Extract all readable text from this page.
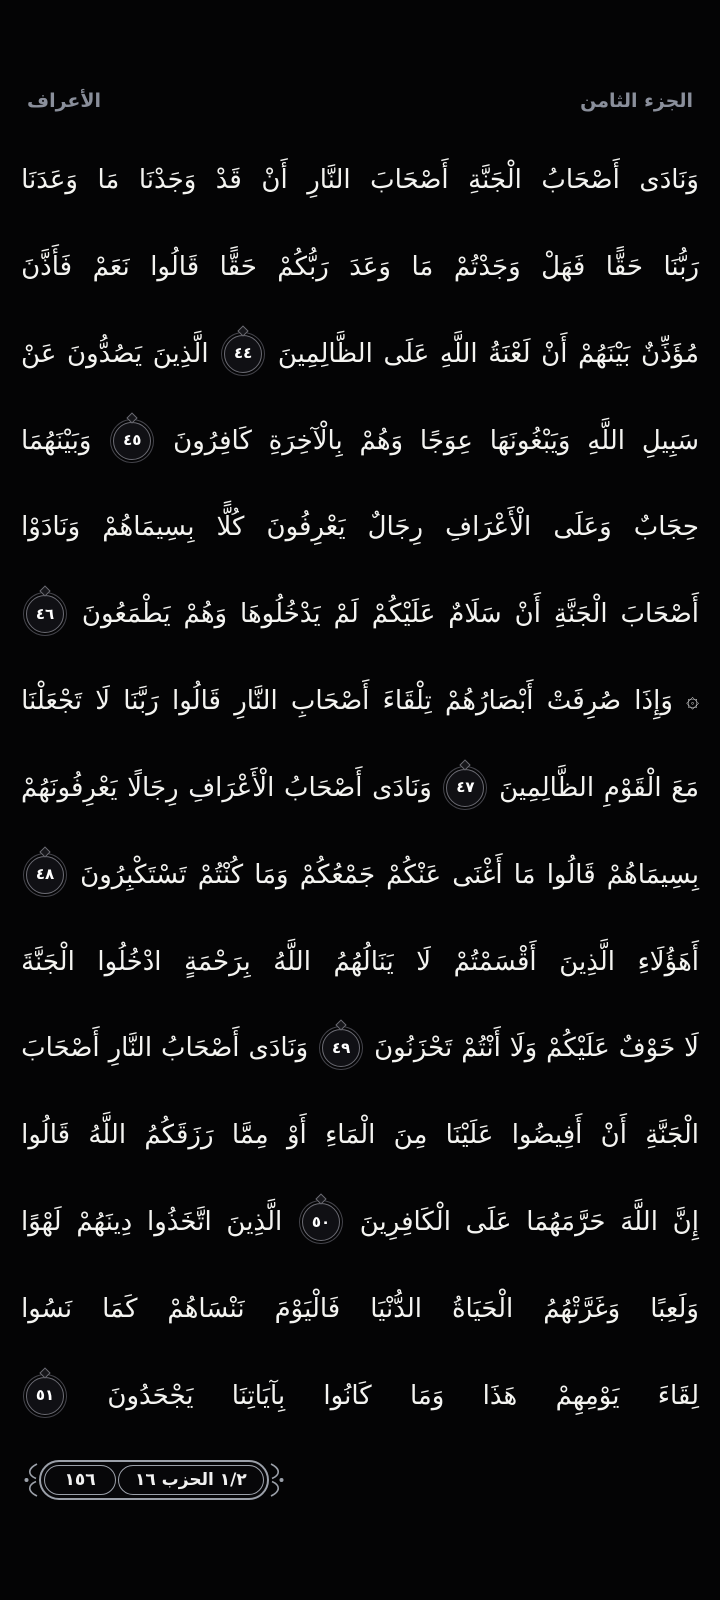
الأعراف	الجزء الثامن
وَنَادَى
أَصْحَابُ
الْجَنَّةِ
أَصْحَابَ
النَّارِ
أَنْ
قَدْ
وَجَدْنَا
مَا
وَعَدَنَا
رَبُّنَا
حَقًّا
فَهَلْ
وَجَدْتُمْ
مَا
وَعَدَ
رَبُّكُمْ
حَقًّا
قَالُوا
نَعَمْ
فَأَذَّنَ
مُؤَذِّنٌ
بَيْنَهُمْ
أَنْ
لَعْنَةُ
اللَّهِ
عَلَى
الظَّالِمِينَ
٤٤
الَّذِينَ
يَصُدُّونَ
عَنْ
سَبِيلِ
اللَّهِ
وَيَبْغُونَهَا
عِوَجًا
وَهُمْ
بِالْآخِرَةِ
كَافِرُونَ
٤٥
وَبَيْنَهُمَا
حِجَابٌ
وَعَلَى
الْأَعْرَافِ
رِجَالٌ
يَعْرِفُونَ
كُلًّا
بِسِيمَاهُمْ
وَنَادَوْا
أَصْحَابَ
الْجَنَّةِ
أَنْ
سَلَامٌ
عَلَيْكُمْ
لَمْ
يَدْخُلُوهَا
وَهُمْ
يَطْمَعُونَ
٤٦
۞
وَإِذَا
صُرِفَتْ
أَبْصَارُهُمْ
تِلْقَاءَ
أَصْحَابِ
النَّارِ
قَالُوا
رَبَّنَا
لَا
تَجْعَلْنَا
مَعَ
الْقَوْمِ
الظَّالِمِينَ
٤٧
وَنَادَى
أَصْحَابُ
الْأَعْرَافِ
رِجَالًا
يَعْرِفُونَهُمْ
بِسِيمَاهُمْ
قَالُوا
مَا
أَغْنَى
عَنْكُمْ
جَمْعُكُمْ
وَمَا
كُنْتُمْ
تَسْتَكْبِرُونَ
٤٨
أَهَؤُلَاءِ
الَّذِينَ
أَقْسَمْتُمْ
لَا
يَنَالُهُمُ
اللَّهُ
بِرَحْمَةٍ
ادْخُلُوا
الْجَنَّةَ
لَا
خَوْفٌ
عَلَيْكُمْ
وَلَا
أَنْتُمْ
تَحْزَنُونَ
٤٩
وَنَادَى
أَصْحَابُ
النَّارِ
أَصْحَابَ
الْجَنَّةِ
أَنْ
أَفِيضُوا
عَلَيْنَا
مِنَ
الْمَاءِ
أَوْ
مِمَّا
رَزَقَكُمُ
اللَّهُ
قَالُوا
إِنَّ
اللَّهَ
حَرَّمَهُمَا
عَلَى
الْكَافِرِينَ
٥٠
الَّذِينَ
اتَّخَذُوا
دِينَهُمْ
لَهْوًا
وَلَعِبًا
وَغَرَّتْهُمُ
الْحَيَاةُ
الدُّنْيَا
فَالْيَوْمَ
نَنْسَاهُمْ
كَمَا
نَسُوا
لِقَاءَ
يَوْمِهِمْ
هَذَا
وَمَا
كَانُوا
بِآيَاتِنَا
يَجْحَدُونَ
٥١
١٥٦	١/٢ الحزب ١٦
